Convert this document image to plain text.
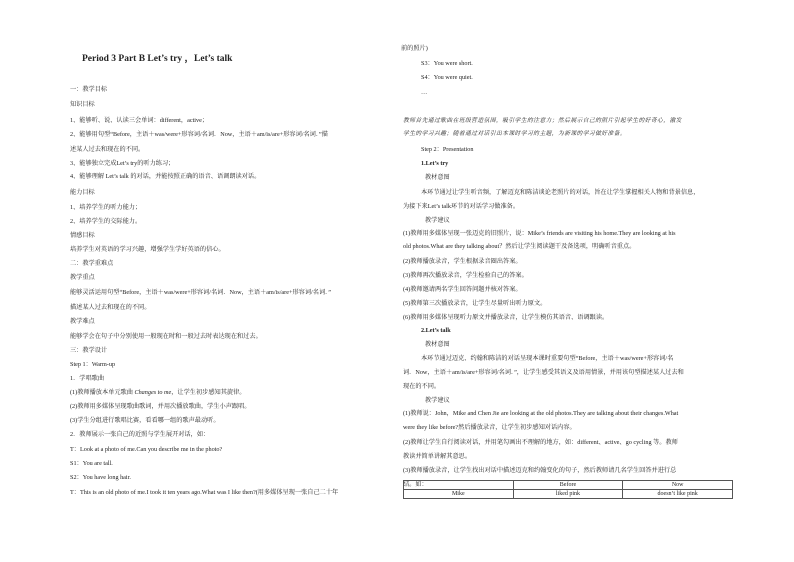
Period 3 Part B Let’s try ，Let’s talk
一：教学目标
知识目标
1、能够听、说、认读三会单词：different，active；
2、能够用句型“Before，主语＋was/were+形容词/名词．Now，主语＋am/is/are+形容词/名词．”描
述某人过去和现在的不同。
3、能够独立完成Let’s try的听力练习；
4、能够理解 Let’s talk 的对话，并能按照正确的语音、语调朗读对话。
能力目标
1、培养学生的听力能力；
2、培养学生的交际能力。
情感目标
培养学生对英语的学习兴趣，增强学生学好英语的信心。
二：教学重难点
教学重点
能够灵活运用句型“Before，主语＋was/were+形容词/名词．Now，主语＋am/is/are+形容词/名词．”
描述某人过去和现在的不同。
教学难点
能够学会在句子中分别使用一般现在时和一般过去时表达现在和过去。
三：教学设计
Step 1：Warm-up
1．学唱歌曲
(1)教师播放本单元歌曲 Changes to me，让学生初步感知其旋律。
(2)教师用多媒体呈现歌曲歌词，并用次播放歌曲，学生小声跟唱。
(3)学生分组进行歌唱比赛，看看哪一组的歌声最动听。
2．教师展示一张自己的近照与学生展开对话，如：
T：Look at a photo of me.Can you describe me in the photo?
S1：You are tall.
S2：You have long hair.
T：This is an old photo of me.I took it ten years ago.What was I like then?(用多媒体呈现一张自己二十年
前的照片)
S3：You were short.
S4：You were quiet.
…
教师首先通过歌曲在班级营造氛围，吸引学生的注意力；然后展示自己的照片引起学生的好奇心，激发
学生的学习兴趣；随着通过对话引出本课时学习的主题，为新课的学习做好准备。
Step 2：Presentation
1.Let’s try
教材意图
本环节通过让学生听音频，了解迈克和陈洁谈论老照片的对话，旨在让学生掌握相关人物和背景信息，
为接下来Let’s talk环节的对话学习做准备。
教学建议
(1)教师用多媒体呈现一张迈克的旧照片，说：Mike’s friends are visiting his home.They are looking at his
old photos.What are they talking about？然后让学生阅读题干及备选项，明确听音重点。
(2)教师播放录音，学生根据录音圈出答案。
(3)教师再次播放录音，学生检验自己的答案。
(4)教师邀请两名学生回答问题并核对答案。
(5)教师第三次播放录音，让学生尽量听出听力原文。
(6)教师用多媒体呈现听力原文并播放录音，让学生模仿其语音、语调跟读。
2.Let’s talk
教材意图
本环节通过迈克、约翰和陈洁的对话呈现本课时重要句型“Before，主语＋was/were+形容词/名
词．Now，主语＋am/is/are+形容词/名词．”，让学生感受其语义及语用情景，并用该句型描述某人过去和
现在的不同。
教学建议
(1)教师说：John，Mike and Chen Jie are looking at the old photos.They are talking about their changes.What
were they like before?然后播放录音，让学生初步感知对话内容。
(2)教师让学生自行阅读对话，并用笔勾画出不理解的地方，如：different、active、go cycling 等。教师
教读并简单讲解其意思。
(3)教师播放录音，让学生找出对话中描述迈克和约翰变化的句子，然后教师请几名学生回答并进行总
结。如：
		Before	Now
Mike	liked pink	doesn’t like pink
